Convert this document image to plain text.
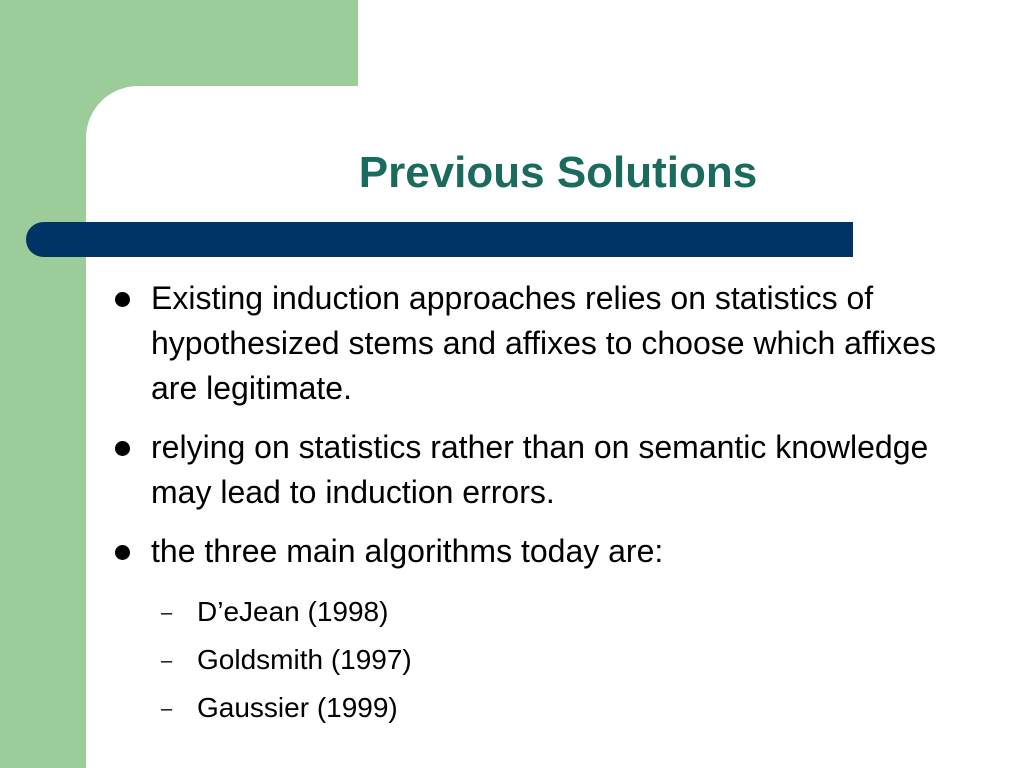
Previous Solutions
Existing induction approaches relies on statistics of hypothesized stems and affixes to choose which affixes are legitimate.
relying on statistics rather than on semantic knowledge may lead to induction errors.
the three main algorithms today are:
– D’eJean (1998)
– Goldsmith (1997)
– Gaussier (1999)
